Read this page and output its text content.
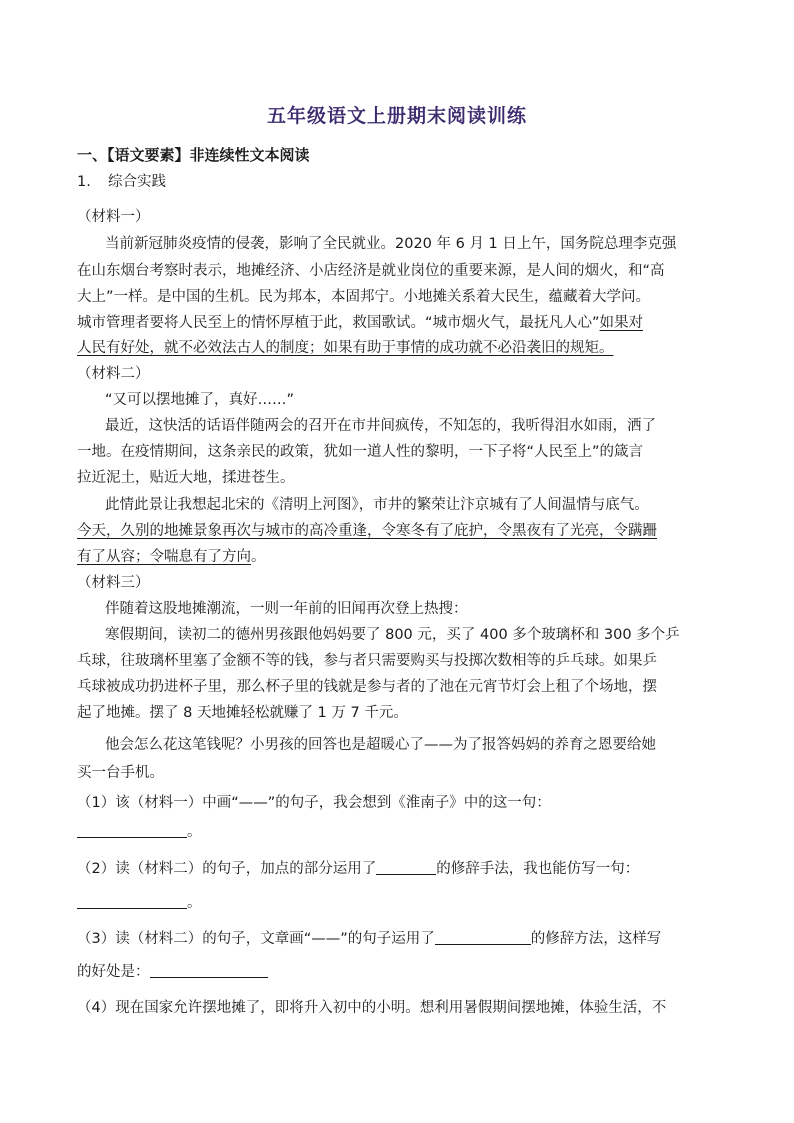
五年级语文上册期末阅读训练
一、【语文要素】非连续性文本阅读
1. 综合实践
（材料一）
当前新冠肺炎疫情的侵袭，影响了全民就业。2020 年 6 月 1 日上午，国务院总理李克强
在山东烟台考察时表示，地摊经济、小店经济是就业岗位的重要来源，是人间的烟火，和“高
大上”一样。是中国的生机。民为邦本，本固邦宁。小地摊关系着大民生，蕴藏着大学问。
城市管理者要将人民至上的情怀厚植于此，救国歌试。“城市烟火气，最抚凡人心”如果对
人民有好处，就不必效法古人的制度；如果有助于事情的成功就不必沿袭旧的规矩。
（材料二）
“又可以摆地摊了，真好……”
最近，这快活的话语伴随两会的召开在市井间疯传，不知怎的，我听得泪水如雨，洒了
一地。在疫情期间，这条亲民的政策，犹如一道人性的黎明，一下子将“人民至上”的箴言
拉近泥土，贴近大地，揉进苍生。
此情此景让我想起北宋的《清明上河图》，市井的繁荣让汴京城有了人间温情与底气。
今天，久别的地摊景象再次与城市的高冷重逢，令寒冬有了庇护，令黑夜有了光亮，令蹒跚
有了从容；令喘息有了方向。
（材料三）
伴随着这股地摊潮流，一则一年前的旧闻再次登上热搜：
寒假期间，读初二的德州男孩跟他妈妈要了 800 元，买了 400 多个玻璃杯和 300 多个乒
乓球，往玻璃杯里塞了金额不等的钱，参与者只需要购买与投掷次数相等的乒乓球。如果乒
乓球被成功扔进杯子里，那么杯子里的钱就是参与者的了池在元宵节灯会上租了个场地，摆
起了地摊。摆了 8 天地摊轻松就赚了 1 万 7 千元。
他会怎么花这笔钱呢？小男孩的回答也是超暖心了——为了报答妈妈的养育之恩要给她
买一台手机。
（1）该（材料一）中画“——”的句子，我会想到《淮南子》中的这一句：
。
（2）读（材料二）的句子，加点的部分运用了	的修辞手法，我也能仿写一句：
。
（3）读（材料二）的句子，文章画“——”的句子运用了	的修辞方法，这样写
的好处是：
（4）现在国家允许摆地摊了，即将升入初中的小明。想利用暑假期间摆地摊，体验生活，不
